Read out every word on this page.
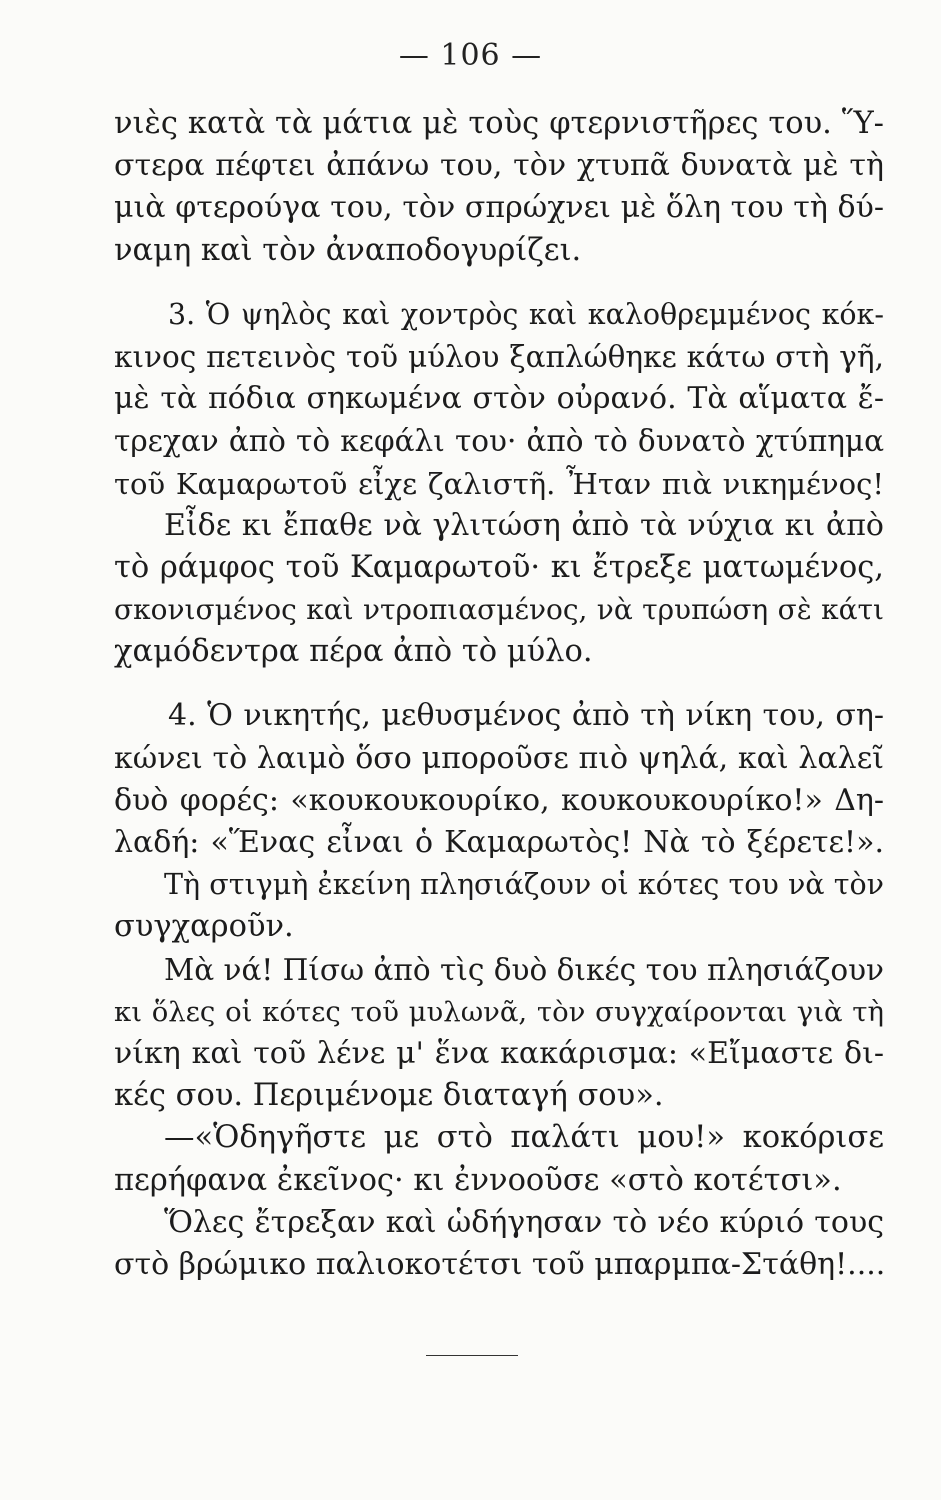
— 106 —
νιὲς κατὰ τὰ μάτια μὲ τοὺς φτερνιστῆρες του. Ὕ-
στερα πέφτει ἀπάνω του, τὸν χτυπᾶ δυνατὰ μὲ τὴ
μιὰ φτερούγα του, τὸν σπρώχνει μὲ ὅλη του τὴ δύ-
ναμη καὶ τὸν ἀναποδογυρίζει.
3. Ὁ ψηλὸς καὶ χοντρὸς καὶ καλοθρεμμένος κόκ-
κινος πετεινὸς τοῦ μύλου ξαπλώθηκε κάτω στὴ γῆ,
μὲ τὰ πόδια σηκωμένα στὸν οὐρανό. Τὰ αἵματα ἔ-
τρεχαν ἀπὸ τὸ κεφάλι του· ἀπὸ τὸ δυνατὸ χτύπημα
τοῦ Καμαρωτοῦ εἶχε ζαλιστῆ. Ἦταν πιὰ νικημένος!
Εἶδε κι ἔπαθε νὰ γλιτώση ἀπὸ τὰ νύχια κι ἀπὸ
τὸ ράμφος τοῦ Καμαρωτοῦ· κι ἔτρεξε ματωμένος,
σκονισμένος καὶ ντροπιασμένος, νὰ τρυπώση σὲ κάτι
χαμόδεντρα πέρα ἀπὸ τὸ μύλο.
4. Ὁ νικητής, μεθυσμένος ἀπὸ τὴ νίκη του, ση-
κώνει τὸ λαιμὸ ὅσο μποροῦσε πιὸ ψηλά, καὶ λαλεῖ
δυὸ φορές: «κουκουκουρίκο, κουκουκουρίκο!» Δη-
λαδή: «Ἕνας εἶναι ὁ Καμαρωτὸς! Νὰ τὸ ξέρετε!».
Τὴ στιγμὴ ἐκείνη πλησιάζουν οἱ κότες του νὰ τὸν
συγχαροῦν.
Μὰ νά! Πίσω ἀπὸ τὶς δυὸ δικές του πλησιάζουν
κι ὅλες οἱ κότες τοῦ μυλωνᾶ, τὸν συγχαίρονται γιὰ τὴ
νίκη καὶ τοῦ λένε μ' ἕνα κακάρισμα: «Εἴμαστε δι-
κές σου. Περιμένομε διαταγή σου».
—«Ὁδηγῆστε με στὸ παλάτι μου!» κοκόρισε
περήφανα ἐκεῖνος· κι ἐννοοῦσε «στὸ κοτέτσι».
Ὅλες ἔτρεξαν καὶ ὡδήγησαν τὸ νέο κύριό τους
στὸ βρώμικο παλιοκοτέτσι τοῦ μπαρμπα-Στάθη!....
